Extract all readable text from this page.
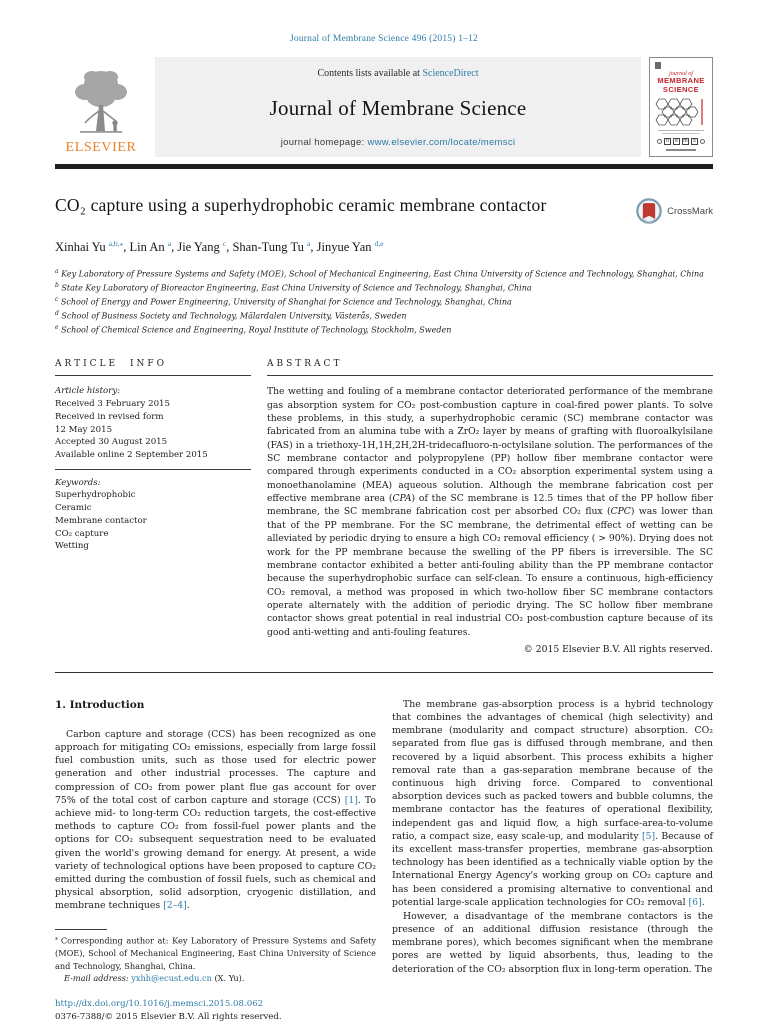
Journal of Membrane Science 496 (2015) 1–12
ELSEVIER
Contents lists available at ScienceDirect
Journal of Membrane Science
journal homepage: www.elsevier.com/locate/memsci
journal of
MEMBRANE
SCIENCE
n	e	m	s
CO₂ capture using a superhydrophobic ceramic membrane contactor	CrossMark
Xinhai Yu $^{a,b,⁎}$, Lin An $^a$, Jie Yang $^c$, Shan-Tung Tu $^a$, Jinyue Yan $^{d,e}$
$^a$ Key Laboratory of Pressure Systems and Safety (MOE), School of Mechanical Engineering, East China University of Science and Technology, Shanghai, China
$^b$ State Key Laboratory of Bioreactor Engineering, East China University of Science and Technology, Shanghai, China
$^c$ School of Energy and Power Engineering, University of Shanghai for Science and Technology, Shanghai, China
$^d$ School of Business Society and Technology, Mälardalen University, Västerås, Sweden
$^e$ School of Chemical Science and Engineering, Royal Institute of Technology, Stockholm, Sweden
ARTICLE INFO
Article history:
Received 3 February 2015
Received in revised form
12 May 2015
Accepted 30 August 2015
Available online 2 September 2015
Keywords:
Superhydrophobic
Ceramic
Membrane contactor
CO₂ capture
Wetting
ABSTRACT

The wetting and fouling of a membrane contactor deteriorated performance of the membrane gas absorption system for CO₂ post-combustion capture in coal-fired power plants. To solve these problems, in this study, a superhydrophobic ceramic (SC) membrane contactor was fabricated from an alumina tube with a ZrO₂ layer by means of grafting with fluoroalkylsilane (FAS) in a triethoxy-1H,1H,2H,2H-tridecafluoro-n-octylsilane solution. The performances of the SC membrane contactor and polypropylene (PP) hollow fiber membrane contactor were compared through experiments conducted in a CO₂ absorption experimental system using a monoethanolamine (MEA) aqueous solution. Although the membrane fabrication cost per effective membrane area (CPA) of the SC membrane is 12.5 times that of the PP hollow fiber membrane, the SC membrane fabrication cost per absorbed CO₂ flux (CPC) was lower than that of the PP membrane. For the SC membrane, the detrimental effect of wetting can be alleviated by periodic drying to ensure a high CO₂ removal efficiency ( > 90%). Drying does not work for the PP membrane because the swelling of the PP fibers is irreversible. The SC membrane contactor exhibited a better anti-fouling ability than the PP membrane contactor because the superhydrophobic surface can self-clean. To ensure a continuous, high-efficiency CO₂ removal, a method was proposed in which two-hollow fiber SC membrane contactors operate alternately with the addition of periodic drying. The SC hollow fiber membrane contactor shows great potential in real industrial CO₂ post-combustion capture because of its good anti-wetting and anti-fouling features.

© 2015 Elsevier B.V. All rights reserved.
1. Introduction

Carbon capture and storage (CCS) has been recognized as one approach for mitigating CO₂ emissions, especially from large fossil fuel combustion units, such as those used for electric power generation and other industrial processes. The capture and compression of CO₂ from power plant flue gas account for over 75% of the total cost of carbon capture and storage (CCS) [1]. To achieve mid- to long-term CO₂ reduction targets, the cost-effective methods to capture CO₂ from fossil-fuel power plants and the options for CO₂ subsequent sequestration need to be evaluated given the world's growing demand for energy. At present, a wide variety of technological options have been proposed to capture CO₂ emitted during the combustion of fossil fuels, such as chemical and physical absorption, solid adsorption, cryogenic distillation, and membrane techniques [2–4].

⁎ Corresponding author at: Key Laboratory of Pressure Systems and Safety (MOE), School of Mechanical Engineering, East China University of Science and Technology, Shanghai, China.

E-mail address: yxhh@ecust.edu.cn (X. Yu).

http://dx.doi.org/10.1016/j.memsci.2015.08.062
0376-7388/© 2015 Elsevier B.V. All rights reserved.

The membrane gas-absorption process is a hybrid technology that combines the advantages of chemical (high selectivity) and membrane (modularity and compact structure) absorption. CO₂ separated from flue gas is diffused through membrane, and then recovered by a liquid absorbent. This process exhibits a higher removal rate than a gas-separation membrane because of the continuous high driving force. Compared to conventional absorption devices such as packed towers and bubble columns, the membrane contactor has the features of operational flexibility, independent gas and liquid flow, a high surface-area-to-volume ratio, a compact size, easy scale-up, and modularity [5]. Because of its excellent mass-transfer properties, membrane gas-absorption technology has been identified as a technically viable option by the International Energy Agency's working group on CO₂ capture and has been considered a promising alternative to conventional and potential large-scale application technologies for CO₂ removal [6].

However, a disadvantage of the membrane contactors is the presence of an additional diffusion resistance (through the membrane pores), which becomes significant when the membrane pores are wetted by liquid absorbents, thus, leading to the deterioration of the CO₂ absorption flux in long-term operation. The
